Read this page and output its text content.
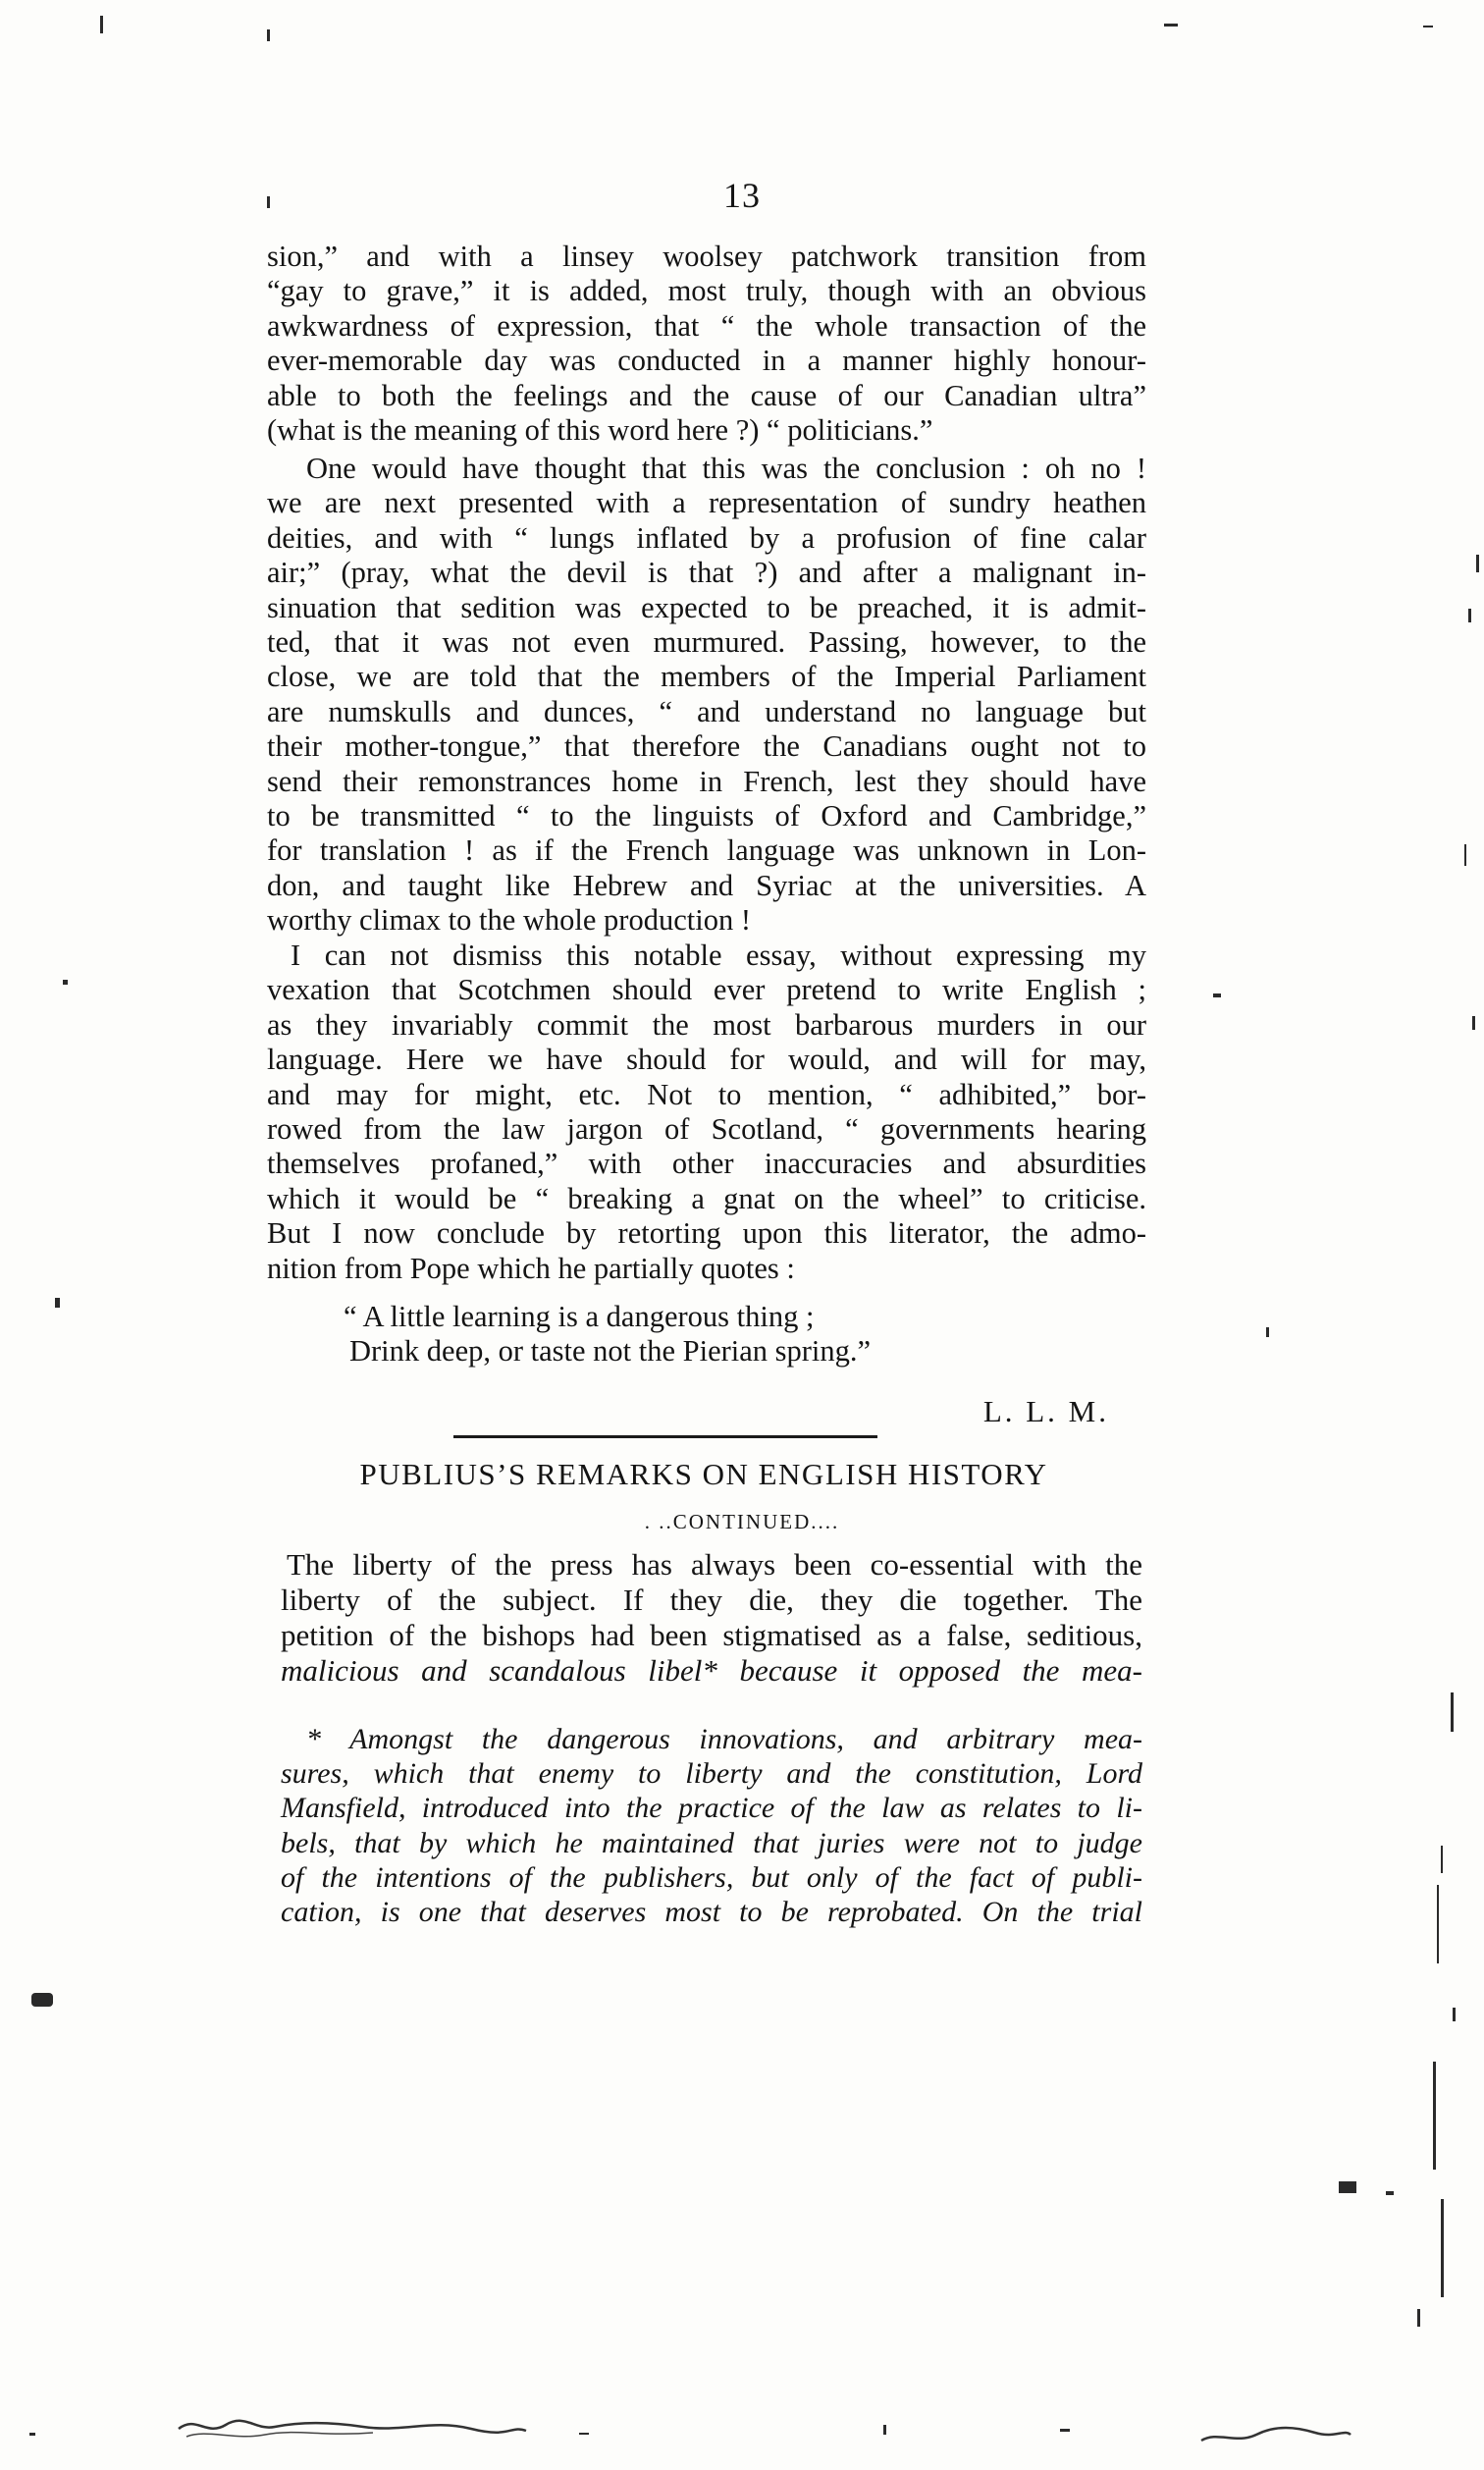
13
sion,” and with a linsey woolsey patchwork transition from
“gay to grave,” it is added, most truly, though with an obvious
awkwardness of expression, that “ the whole transaction of the
ever-memorable day was conducted in a manner highly honour-
able to both the feelings and the cause of our Canadian ultra”
(what is the meaning of this word here ?) “ politicians.”
One would have thought that this was the conclusion : oh no !
we are next presented with a representation of sundry heathen
deities, and with “ lungs inflated by a profusion of fine calar
air;” (pray, what the devil is that ?) and after a malignant in-
sinuation that sedition was expected to be preached, it is admit-
ted, that it was not even murmured. Passing, however, to the
close, we are told that the members of the Imperial Parliament
are numskulls and dunces, “ and understand no language but
their mother-tongue,” that therefore the Canadians ought not to
send their remonstrances home in French, lest they should have
to be transmitted “ to the linguists of Oxford and Cambridge,”
for translation ! as if the French language was unknown in Lon-
don, and taught like Hebrew and Syriac at the universities. A
worthy climax to the whole production !
I can not dismiss this notable essay, without expressing my
vexation that Scotchmen should ever pretend to write English ;
as they invariably commit the most barbarous murders in our
language. Here we have should for would, and will for may,
and may for might, etc. Not to mention, “ adhibited,” bor-
rowed from the law jargon of Scotland, “ governments hearing
themselves profaned,” with other inaccuracies and absurdities
which it would be “ breaking a gnat on the wheel” to criticise.
But I now conclude by retorting upon this literator, the admo-
nition from Pope which he partially quotes :
“ A little learning is a dangerous thing ;
Drink deep, or taste not the Pierian spring.”
L. L. M.
PUBLIUS’S REMARKS ON ENGLISH HISTORY
. ..CONTINUED....
The liberty of the press has always been co-essential with the
liberty of the subject. If they die, they die together. The
petition of the bishops had been stigmatised as a false, seditious,
malicious and scandalous libel* because it opposed the mea-
* Amongst the dangerous innovations, and arbitrary mea-
sures, which that enemy to liberty and the constitution, Lord
Mansfield, introduced into the practice of the law as relates to li-
bels, that by which he maintained that juries were not to judge
of the intentions of the publishers, but only of the fact of publi-
cation, is one that deserves most to be reprobated. On the trial
